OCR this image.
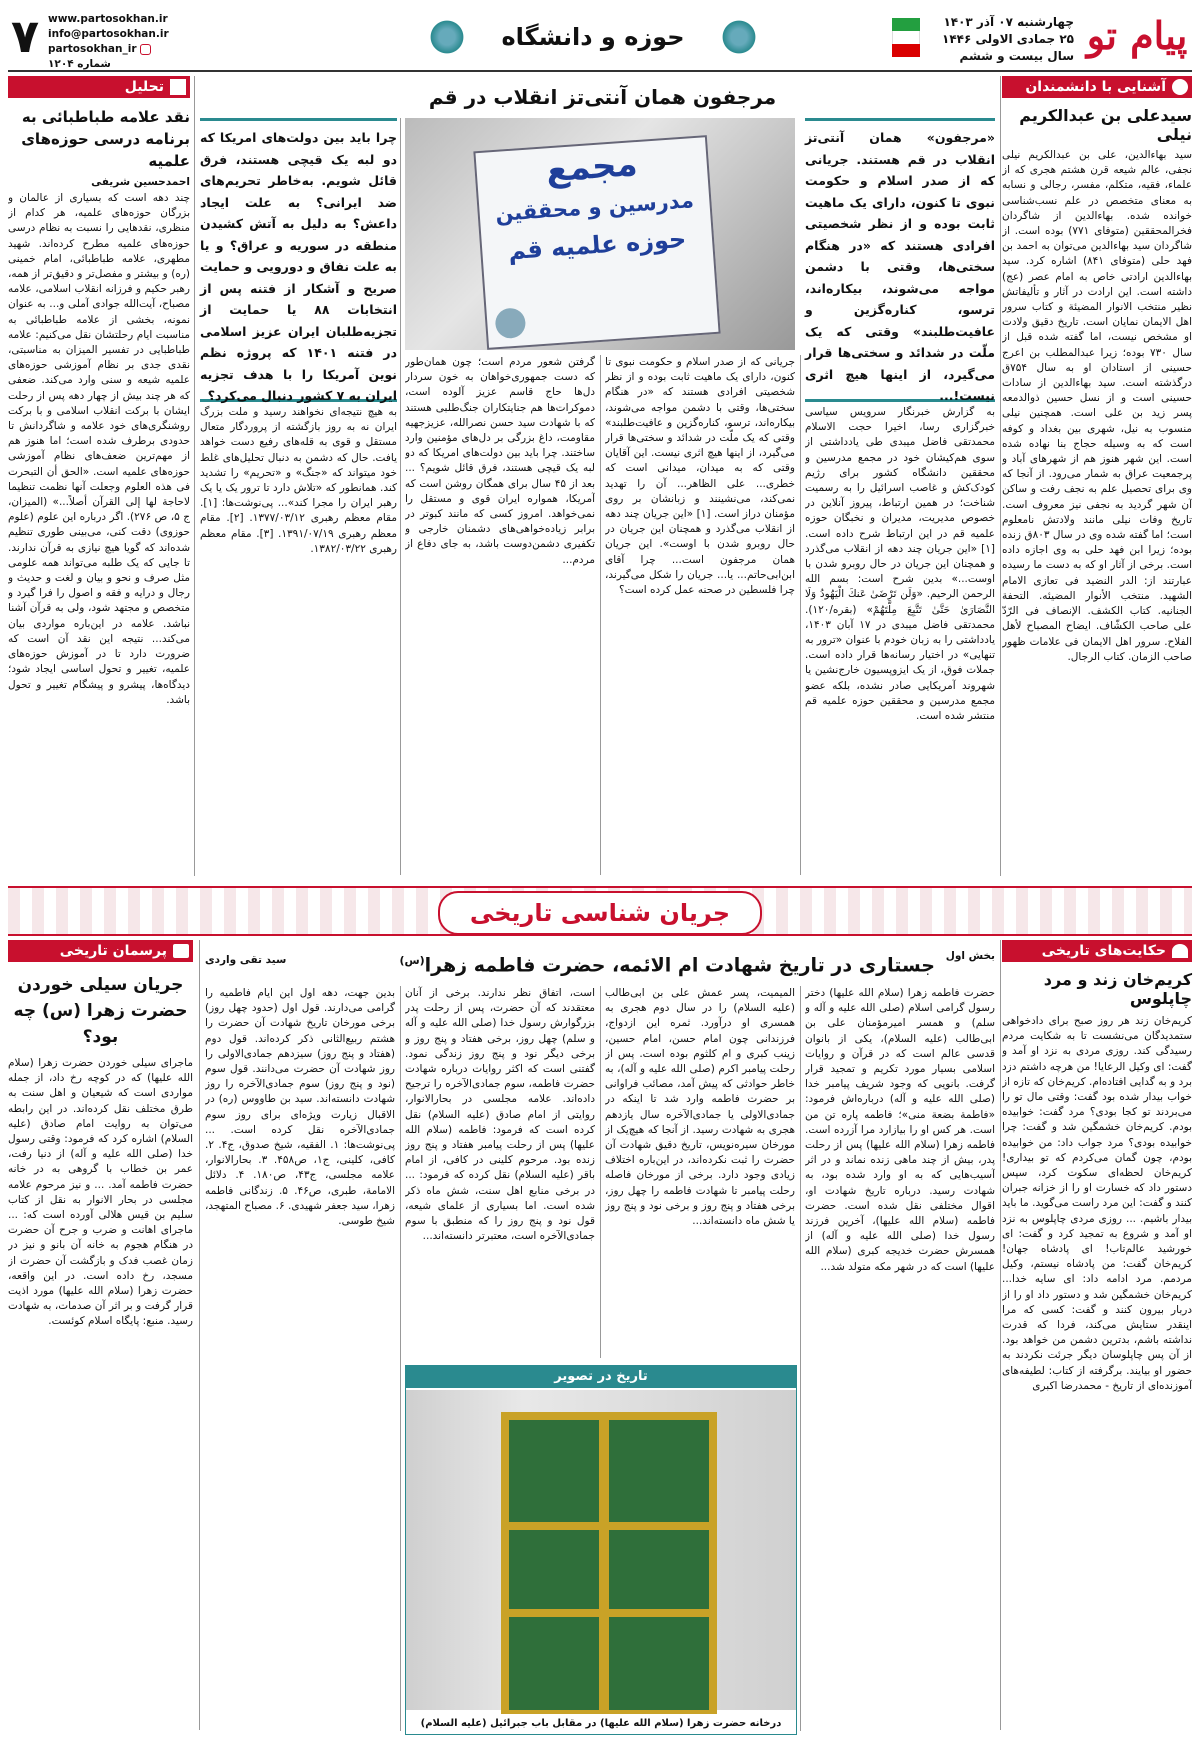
پیام تو
چهارشنبه ۰۷ آذر ۱۴۰۳
۲۵ جمادی الاولی ۱۴۴۶
سال بیست و ششم
حوزه و دانشگاه
www.partosokhan.ir
info@partosokhan.ir
partosokhan_ir
شماره ۱۲۰۴
۷
آشنایی با دانشمندان
سیدعلی بن عبدالکریم نیلی
سید بهاءالدین، علی بن عبدالکریم نیلی نجفی، عالم شیعه قرن هشتم هجری که از علماء، فقیه، متکلم، مفسر، رجالی و نسابه به معنای متخصص در علم نسب‌شناسی خوانده شده. بهاءالدین از شاگردان فخرالمحققین (متوفای ۷۷۱) بوده است. از شاگردان سید بهاءالدین می‌توان به احمد بن فهد حلی (متوفای ۸۴۱) اشاره کرد. سید بهاءالدین ارادتی خاص به امام عصر (عج) داشته است. این ارادت در آثار و تألیفاتش نظیر منتخب الانوار المضیئة و کتاب سرور اهل الایمان نمایان است. تاریخ دقیق ولادت او مشخص نیست، اما گفته شده قبل از سال ۷۳۰ بوده؛ زیرا عبدالمطلب بن اعرج حسینی از استادان او به سال ۷۵۴ق درگذشته است. سید بهاءالدین از سادات حسینی است و از نسل حسین ذوالدمعه پسر زید بن علی است. همچنین نیلی منسوب به نیل، شهری بین بغداد و کوفه است که به وسیله حجاج بنا نهاده شده است. این شهر هنوز هم از شهرهای آباد و پرجمعیت عراق به شمار می‌رود. از آنجا که وی برای تحصیل علم به نجف رفت و ساکن آن شهر گردید به نجفی نیز معروف است. تاریخ وفات نیلی مانند ولادتش نامعلوم است؛ اما گفته شده وی در سال ۸۰۳ق زنده بوده؛ زیرا ابن فهد حلی به وی اجازه داده است. برخی از آثار او که به دست ما رسیده عبارتند از: الدر النضید فی تعازی الامام الشهید. منتخب الأنوار المضیئه. التحفة الجنانیه. کتاب الکشف. الإنصاف فی الرّدّ علی صاحب الکشّاف. ایضاح المصباح لأهل الفلاح. سرور اهل الایمان فی علامات ظهور صاحب الزمان. کتاب الرجال.
مرجفون همان آنتی‌تز انقلاب در قم
«مرجفون» همان آنتی‌تز انقلاب در قم هستند. جریانی که از صدر اسلام و حکومت نبوی تا کنون، دارای یک ماهیت ثابت بوده و از نظر شخصیتی افرادی هستند که «در هنگام سختی‌ها، وقتی با دشمن مواجه می‌شوند، بیکاره‌اند، ترسو، کناره‌گزین و عافیت‌طلبند» وقتی که یک ملّت در شدائد و سختی‌ها قرار می‌گیرد، از اینها هیچ اثری نیست!...
مجمع
مدرسین و محققین
حوزه علمیه قم
چرا باید بین دولت‌های امریکا که دو لبه یک قیچی هستند، فرق قائل شویم. به‌خاطر تحریم‌های ضد ایرانی؟ به علت ایجاد داعش؟ به دلیل به آتش کشیدن منطقه در سوریه و عراق؟ و یا به علت نفاق و دورویی و حمایت صریح و آشکار از فتنه پس از انتخابات ۸۸ یا حمایت از تجزیه‌طلبان ایران عزیز اسلامی در فتنه ۱۴۰۱ که پروژه نظم نوین آمریکا را با هدف تجزیه ایران به ۷ کشور دنبال می‌کرد؟
به گزارش خبرنگار سرویس سیاسی خبرگزاری رسا، اخیرا حجت الاسلام محمدتقی فاضل میبدی طی یادداشتی از سوی هم‌کیشان خود در مجمع مدرسین و محققین دانشگاه کشور برای رژیم کودک‌کش و غاصب اسرائیل را به رسمیت شناخت؛ در همین ارتباط، پیروز آنلاین در خصوص مدیریت، مدیران و نخبگان حوزه علمیه قم در این ارتباط شرح داده است. [۱] «این جریان چند دهه از انقلاب می‌گذرد و همچنان این جریان در حال روبرو شدن با اوست...» بدین شرح است: بسم الله الرحمن الرحیم. «وَلَن تَرْضَىٰ عَنكَ الْيَهُودُ وَلَا النَّصَارَىٰ حَتَّىٰ تَتَّبِعَ مِلَّتَهُمْ» (بقره/۱۲۰). محمدتقی فاضل میبدی در ۱۷ آبان ۱۴۰۳، یادداشتی را به زبان خودم با عنوان «ترور به تنهایی» در اختیار رسانه‌ها قرار داده است. جملات فوق، از یک ایزوپسیون خارج‌نشین یا شهروند آمریکایی صادر نشده، بلکه عضو مجمع مدرسین و محققین حوزه علمیه قم منتشر شده است.
جریانی که از صدر اسلام و حکومت نبوی تا کنون، دارای یک ماهیت ثابت بوده و از نظر شخصیتی افرادی هستند که «در هنگام سختی‌ها، وقتی با دشمن مواجه می‌شوند، بیکاره‌اند، ترسو، کناره‌گزین و عافیت‌طلبند» وقتی که یک ملّت در شدائد و سختی‌ها قرار می‌گیرد، از اینها هیچ اثری نیست. این آقایان وقتی که به میدان، میدانی است که خطری... علی الظاهر... آن را تهدید نمی‌کند، می‌نشینند و زبانشان بر روی مؤمنان دراز است. [۱] «این جریان چند دهه از انقلاب می‌گذرد و همچنان این جریان در حال روبرو شدن با اوست». این جریان همان مرجفون است... چرا آقای ابن‌ابی‌حاتم... یا... جریان را شکل می‌گیرند، چرا فلسطین در صحنه عمل کرده است؟
گرفتن شعور مردم است؛ چون همان‌طور که دست جمهوری‌خواهان به خون سردار دل‌ها حاج قاسم عزیز آلوده است، دموکرات‌ها هم جنایتکاران جنگ‌طلبی هستند که با شهادت سید حسن نصرالله، عزیزجهیه مقاومت، داغ بزرگی بر دل‌های مؤمنین وارد ساختند. چرا باید بین دولت‌های امریکا که دو لبه یک قیچی هستند، فرق قائل شویم؟ ... بعد از ۴۵ سال برای همگان روشن است که آمریکا، همواره ایران قوی و مستقل را نمی‌خواهد. امروز کسی که مانند کبوتر در برابر زیاده‌خواهی‌های دشمنان خارجی و تکفیری دشمن‌دوست باشد، به جای دفاع از مردم...
به هیچ نتیجه‌ای نخواهند رسید و ملت بزرگ ایران نه به روز بازگشته از پروردگار متعال مستقل و قوی به قله‌های رفیع دست خواهد یافت. حال که دشمن به دنبال تحلیل‌های غلط خود میتواند که «جنگ» و «تحریم» را تشدید کند. همانطور که «تلاش دارد تا ترور یک یا یک رهبر ایران را مجرا کند»... پی‌نوشت‌ها: [۱]. مقام معظم رهبری ۱۳۷۷/۰۳/۱۲. [۲]. مقام معظم رهبری ۱۳۹۱/۰۷/۱۹. [۳]. مقام معظم رهبری ۱۳۸۲/۰۳/۲۲.
تحلیل
نقد علامه طباطبائی به برنامه درسی حوزه‌های علمیه
احمدحسین شریفی
چند دهه است که بسیاری از عالمان و بزرگان حوزه‌های علمیه، هر کدام از منظری، نقدهایی را نسبت به نظام درسی حوزه‌های علمیه مطرح کرده‌اند. شهید مطهری، علامه طباطبائی، امام خمینی (ره) و بیشتر و مفصل‌تر و دقیق‌تر از همه، رهبر حکیم و فرزانه انقلاب اسلامی، علامه مصباح، آیت‌الله جوادی آملی و... به عنوان نمونه، بخشی از علامه طباطبائی به مناسبت ایام رحلتشان نقل می‌کنیم: علامه طباطبایی در تفسیر المیزان به مناسبتی، نقدی جدی بر نظام آموزشی حوزه‌های علمیه شیعه و سنی وارد می‌کند. ضعفی که هر چند بیش از چهار دهه پس از رحلت ایشان با برکت انقلاب اسلامی و با برکت روشنگری‌های خود علامه و شاگردانش تا حدودی برطرف شده است؛ اما هنوز هم از مهم‌ترین ضعف‌های نظام آموزشی حوزه‌های علمیه است. «الحق أن التبحرت فی هذه العلوم وجعلت آنها نظمت تنظيما لاحاجة لها إلى القرآن أصلاً...» (المیزان، ج ۵، ص ۲۷۶). اگر درباره این علوم (علوم حوزوی) دقت کنی، می‌بینی طوری تنظیم شده‌اند که گویا هیچ نیازی به قرآن ندارند. تا جایی که یک طلبه می‌تواند همه علومی مثل صرف و نحو و بیان و لغت و حدیث و رجال و درایه و فقه و اصول را فرا گیرد و متخصص و مجتهد شود، ولی به قرآن آشنا نباشد. علامه در این‌باره مواردی بیان می‌کند... نتیجه این نقد آن است که ضرورت دارد تا در آموزش حوزه‌های علمیه، تغییر و تحول اساسی ایجاد شود؛ دیدگاه‌ها، پیشرو و پیشگام تغییر و تحول باشد.
جریان شناسی تاریخی
حکایت‌های تاریخی
کریم‌خان زند و مرد چاپلوس
کریم‌خان زند هر روز صبح برای دادخواهی ستمدیدگان می‌نشست تا به شکایت مردم رسیدگی کند. روزی مردی به نزد او آمد و گفت: ای وکیل الرعایا! من هرچه داشتم دزد برد و به گدایی افتاده‌ام. کریم‌خان که تازه از خواب بیدار شده بود گفت: وقتی مال تو را می‌بردند تو کجا بودی؟ مرد گفت: خوابیده بودم. کریم‌خان خشمگین شد و گفت: چرا خوابیده بودی؟ مرد جواب داد: من خوابیده بودم، چون گمان می‌کردم که تو بیداری! کریم‌خان لحظه‌ای سکوت کرد، سپس دستور داد که خسارت او را از خزانه جبران کنند و گفت: این مرد راست می‌گوید. ما باید بیدار باشیم. ... روزی مردی چاپلوس به نزد او آمد و شروع به تمجید کرد و گفت: ای خورشید عالم‌تاب! ای پادشاه جهان! کریم‌خان گفت: من پادشاه نیستم، وکیل مردمم. مرد ادامه داد: ای سایه خدا... کریم‌خان خشمگین شد و دستور داد او را از دربار بیرون کنند و گفت: کسی که مرا اینقدر ستایش می‌کند، فردا که قدرت نداشته باشم، بدترین دشمن من خواهد بود. از آن پس چاپلوسان دیگر جرئت نکردند به حضور او بیایند. برگرفته از کتاب: لطیفه‌های آموزنده‌ای از تاریخ - محمدرضا اکبری
بخش اول
جستاری در تاریخ شهادت ام الائمه، حضرت فاطمه زهرا$^{(س)}$
سید تقی واردی
حضرت فاطمه زهرا (سلام الله علیها) دختر رسول گرامی اسلام (صلی الله علیه و آله و سلم) و همسر امیرمؤمنان علی بن ابی‌طالب (علیه السلام)، یکی از بانوان قدسی عالم است که در قرآن و روایات اسلامی بسیار مورد تکریم و تمجید قرار گرفت. بانویی که وجود شریف پیامبر خدا (صلی الله علیه و آله) درباره‌اش فرمود: «فاطمة بضعة منی»؛ فاطمه پاره تن من است. هر کس او را بیازارد مرا آزرده است. فاطمه زهرا (سلام الله علیها) پس از رحلت پدر، بیش از چند ماهی زنده نماند و در اثر آسیب‌هایی که به او وارد شده بود، به شهادت رسید. درباره تاریخ شهادت او، اقوال مختلفی نقل شده است. حضرت فاطمه (سلام الله علیها)، آخرین فرزند رسول خدا (صلی الله علیه و آله) از همسرش حضرت خدیجه کبری (سلام الله علیها) است که در شهر مکه متولد شد...
المیمیت، پسر عمش علی بن ابی‌طالب (علیه السلام) را در سال دوم هجری به همسری او درآورد. ثمره این ازدواج، فرزندانی چون امام حسن، امام حسین، زینب کبری و ام کلثوم بوده است. پس از رحلت پیامبر اکرم (صلی الله علیه و آله)، به خاطر حوادثی که پیش آمد، مصائب فراوانی بر حضرت فاطمه وارد شد تا اینکه در جمادی‌الاولی یا جمادی‌الآخره سال یازدهم هجری به شهادت رسید. از آنجا که هیچ‌یک از مورخان سیره‌نویس، تاریخ دقیق شهادت آن حضرت را ثبت نکرده‌اند، در این‌باره اختلاف زیادی وجود دارد. برخی از مورخان فاصله رحلت پیامبر تا شهادت فاطمه را چهل روز، برخی هفتاد و پنج روز و برخی نود و پنج روز یا شش ماه دانسته‌اند...
است، اتفاق نظر ندارند. برخی از آنان معتقدند که آن حضرت، پس از رحلت پدر بزرگوارش رسول خدا (صلی الله علیه و آله و سلم) چهل روز، برخی هفتاد و پنج روز و برخی دیگر نود و پنج روز زندگی نمود. گفتنی است که اکثر روایات درباره شهادت حضرت فاطمه، سوم جمادی‌الآخره را ترجیح داده‌اند. علامه مجلسی در بحارالانوار، روایتی از امام صادق (علیه السلام) نقل کرده است که فرمود: فاطمه (سلام الله علیها) پس از رحلت پیامبر هفتاد و پنج روز زنده بود. مرحوم کلینی در کافی، از امام باقر (علیه السلام) نقل کرده که فرمود: ... در برخی منابع اهل سنت، شش ماه ذکر شده است. اما بسیاری از علمای شیعه، قول نود و پنج روز را که منطبق با سوم جمادی‌الآخره است، معتبرتر دانسته‌اند...
بدین جهت، دهه اول این ایام فاطمیه را گرامی می‌دارند. قول اول (حدود چهل روز) برخی مورخان تاریخ شهادت آن حضرت را هشتم ربیع‌الثانی ذکر کرده‌اند. قول دوم (هفتاد و پنج روز) سیزدهم جمادی‌الاولی را روز شهادت آن حضرت می‌دانند. قول سوم (نود و پنج روز) سوم جمادی‌الآخره را روز شهادت دانسته‌اند. سید بن طاووس (ره) در الاقبال زیارت ویژه‌ای برای روز سوم جمادی‌الآخره نقل کرده است. ... پی‌نوشت‌ها: ۱. الفقیه، شیخ صدوق، ج۴. ۲. کافی، کلینی، ج۱، ص۴۵۸. ۳. بحارالانوار، علامه مجلسی، ج۴۳، ص۱۸۰. ۴. دلائل الامامة، طبری، ص۴۶. ۵. زندگانی فاطمه زهرا، سید جعفر شهیدی. ۶. مصباح المتهجد، شیخ طوسی.
تاریخ در تصویر
درخانه حضرت زهرا (سلام الله علیها) در مقابل باب جبرائیل (علیه السلام)
پرسمان تاریخی
جریان سیلی خوردن حضرت زهرا (س) چه بود؟
ماجرای سیلی خوردن حضرت زهرا (سلام الله علیها) که در کوچه رخ داد، از جمله مواردی است که شیعیان و اهل سنت به طرق مختلف نقل کرده‌اند. در این رابطه می‌توان به روایت امام صادق (علیه السلام) اشاره کرد که فرمود: وقتی رسول خدا (صلی الله علیه و آله) از دنیا رفت، عمر بن خطاب با گروهی به در خانه حضرت فاطمه آمد. ... و نیز مرحوم علامه مجلسی در بحار الانوار به نقل از کتاب سلیم بن قیس هلالی آورده است که: ... ماجرای اهانت و ضرب و جرح آن حضرت در هنگام هجوم به خانه آن بانو و نیز در زمان غصب فدک و بازگشت آن حضرت از مسجد، رخ داده است. در این واقعه، حضرت زهرا (سلام الله علیها) مورد اذیت قرار گرفت و بر اثر آن صدمات، به شهادت رسید. منبع: پایگاه اسلام کوئست.
